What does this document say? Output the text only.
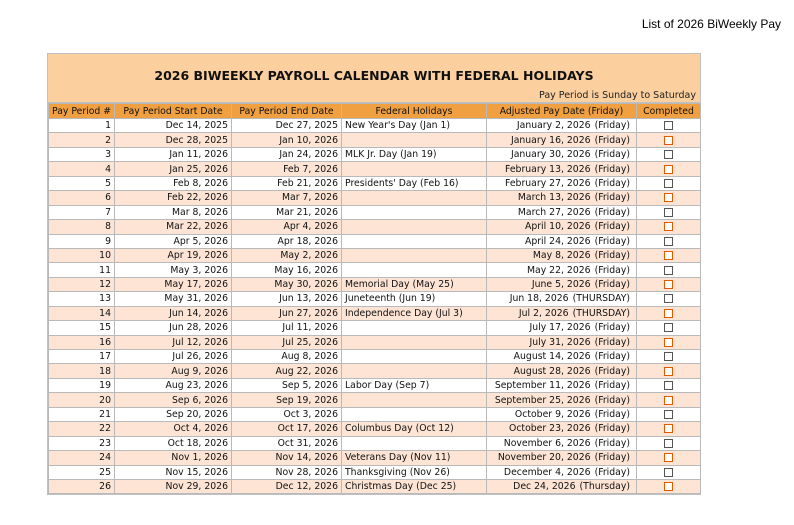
List of 2026 BiWeekly Pay
2026 BIWEEKLY PAYROLL CALENDAR WITH FEDERAL HOLIDAYS
Pay Period is Sunday to Saturday
Pay Period #	Pay Period Start Date	Pay Period End Date	Federal Holidays	Adjusted Pay Date (Friday)	Completed
1	Dec 14, 2025	Dec 27, 2025	New Year's Day (Jan 1)	January 2, 2026 (Friday)	
2	Dec 28, 2025	Jan 10, 2026		January 16, 2026 (Friday)	
3	Jan 11, 2026	Jan 24, 2026	MLK Jr. Day (Jan 19)	January 30, 2026 (Friday)	
4	Jan 25, 2026	Feb 7, 2026		February 13, 2026 (Friday)	
5	Feb 8, 2026	Feb 21, 2026	Presidents' Day (Feb 16)	February 27, 2026 (Friday)	
6	Feb 22, 2026	Mar 7, 2026		March 13, 2026 (Friday)	
7	Mar 8, 2026	Mar 21, 2026		March 27, 2026 (Friday)	
8	Mar 22, 2026	Apr 4, 2026		April 10, 2026 (Friday)	
9	Apr 5, 2026	Apr 18, 2026		April 24, 2026 (Friday)	
10	Apr 19, 2026	May 2, 2026		May 8, 2026 (Friday)	
11	May 3, 2026	May 16, 2026		May 22, 2026 (Friday)	
12	May 17, 2026	May 30, 2026	Memorial Day (May 25)	June 5, 2026 (Friday)	
13	May 31, 2026	Jun 13, 2026	Juneteenth (Jun 19)	Jun 18, 2026 (THURSDAY)	
14	Jun 14, 2026	Jun 27, 2026	Independence Day (Jul 3)	Jul 2, 2026 (THURSDAY)	
15	Jun 28, 2026	Jul 11, 2026		July 17, 2026 (Friday)	
16	Jul 12, 2026	Jul 25, 2026		July 31, 2026 (Friday)	
17	Jul 26, 2026	Aug 8, 2026		August 14, 2026 (Friday)	
18	Aug 9, 2026	Aug 22, 2026		August 28, 2026 (Friday)	
19	Aug 23, 2026	Sep 5, 2026	Labor Day (Sep 7)	September 11, 2026 (Friday)	
20	Sep 6, 2026	Sep 19, 2026		September 25, 2026 (Friday)	
21	Sep 20, 2026	Oct 3, 2026		October 9, 2026 (Friday)	
22	Oct 4, 2026	Oct 17, 2026	Columbus Day (Oct 12)	October 23, 2026 (Friday)	
23	Oct 18, 2026	Oct 31, 2026		November 6, 2026 (Friday)	
24	Nov 1, 2026	Nov 14, 2026	Veterans Day (Nov 11)	November 20, 2026 (Friday)	
25	Nov 15, 2026	Nov 28, 2026	Thanksgiving (Nov 26)	December 4, 2026 (Friday)	
26	Nov 29, 2026	Dec 12, 2026	Christmas Day (Dec 25)	Dec 24, 2026 (Thursday)	
